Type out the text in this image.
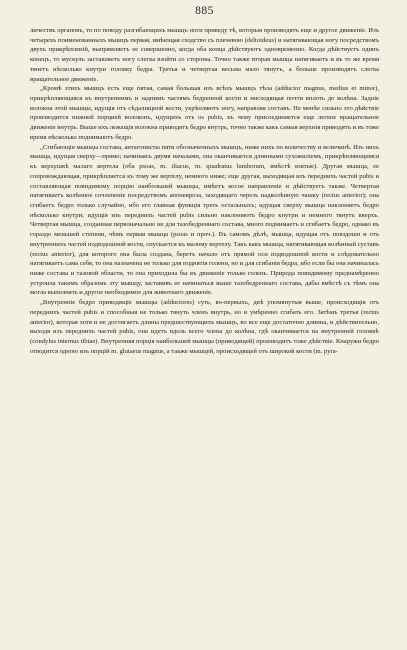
885

личествъ органовъ, то по поводу разгибающихъ мышцъ ноги приведу тѣ, которыя производятъ еще и другое движеніе. Изъ четырехъ поименованныхъ мышцъ первая, имѣющая сходство съ плечевою (deltoideus) и натягивающая ногу посредствомъ двухъ прикрѣпленій, выпрямляетъ ее совершенно, когда оба конца дѣйствуютъ одновременно. Когда дѣйствуетъ одинъ конецъ, то мускулъ заставляетъ ногу слегка взойти со стороны. Точно также вторая мышца натягиваетъ и въ то же время тянетъ нѣсколько кнутри головку бедра. Третья и четвертая весьма мало тянутъ, а больше производятъ слегка вращательное движеніе.

„Кромѣ этихъ мышцъ есть еще пятая, самая большая изъ всѣхъ мышцъ тѣла (adductor magnus, medius et minor), прикрѣпляющаяся къ внутреннимъ и заднимъ частямъ бедренной кости и нисходящая почти вплоть до колѣна. Задніе волокна этой мышцы, идущія отъ сѣдалищной кости, укрѣпляютъ ногу, направляя составъ. Не менѣе сильно это дѣйствіе производится нижней порцией волоконъ, идущихъ отъ os pubis, къ чему присоединяется еще легкое вращательное движеніе внутрь. Выше ихъ лежащія волокна приводятъ бедро внутрь, точно также какъ самыя верхнія приводятъ и въ тоже время нѣсколько поднимаютъ бедро.

„Сгибающія мышцы состава, антагонисты пяти обозначенныхъ мышцъ, ниже нихъ по количеству и величинѣ. Изъ нихъ мышца, идущая сверху—прямо; начинаясь двумя началами, она оканчивается длинными сухожиліемъ, прикрѣпляющимся къ верхушкѣ малаго вертела (оба psoas, m. iliacus, m. quadratus lumborum, вмѣстѣ взятые). Другая мышца, ее сопровождающая, прикрѣпляется къ тому же вертелу, немного ниже; еще другая, выходящая изъ переднихъ частей pubis и составляющая повидимому порцію наибольшей мышцы, имѣетъ косое направленіе и дѣйствуетъ также. Четвертая натягиваетъ колѣнное сочлененіе посредствомъ апоневроза, заходящаго черезъ надколѣнную чашку (rectus anterior); она сгибаетъ бедро только случайно, ибо его главная функція треть остальныхъ; идущая сверху мышца наклоняетъ бедро нѣсколько кнутри; идущія изъ переднихъ частей pubis сильно наклоняютъ бедро кнутри и немного тянутъ вверхъ. Четвертая мышца, созданная первоначально не для тазобедреннаго состава, много поднимаетъ и сгибаетъ бедро, однако въ гораздо меньшей степени, чѣмъ первая мышца (psoas и проч.). Въ самомъ дѣлѣ, мышца, идущая отъ повздошн и отъ внутреннихъ частей подвздошной кости, спускается къ малому вертелу. Такъ какъ мышца, натягивающая колѣнный суставъ (rectus anterior), для которого она была создана, беретъ начало отъ прямой оси подвздошной кости и слѣдовательно натягиваетъ сама себя, то она назначена не только для поднятія голени, но и для сгибанія бедра, ибо если бы она начиналась ниже состава и тазовой области, то она приходила бы въ движеніе только голень. Природа повидимому преднамѣренно устроила такимъ образомъ эту мышцу, заставивъ ее начинаться выше тазобедреннаго состава, дабы вмѣстѣ съ тѣмъ она могла выполнять и другое необходимое для животнаго движеніе.

„Внутренніе бедро приводящіе мышцы (adductores) суть, во-первыхъ, двѣ упомянутыя выше, происходящія отъ переднихъ частей pubis и способныя не только тянуть членъ внутрь, но и умѣренно сгибать его. Затѣмъ третья (rectus anterior), которая хотя и не достигаетъ длины предшествующихъ мышцъ, во все еще достаточно длинна, и дѣйствительно, выходя изъ переднихъ частей pubis, она идетъ вдоль всего члена до колѣна, гдѣ оканчивается на внутренней головкѣ (condylus internus tibiae). Внутренняя порція наибольшей мышцы (приводящей) производитъ тоже дѣйствіе. Кнаружи бедро отводится одною изъ порцій m. glutaeus magnus, а также мышцей, происходящей отъ широкой кости (m. pyra-
